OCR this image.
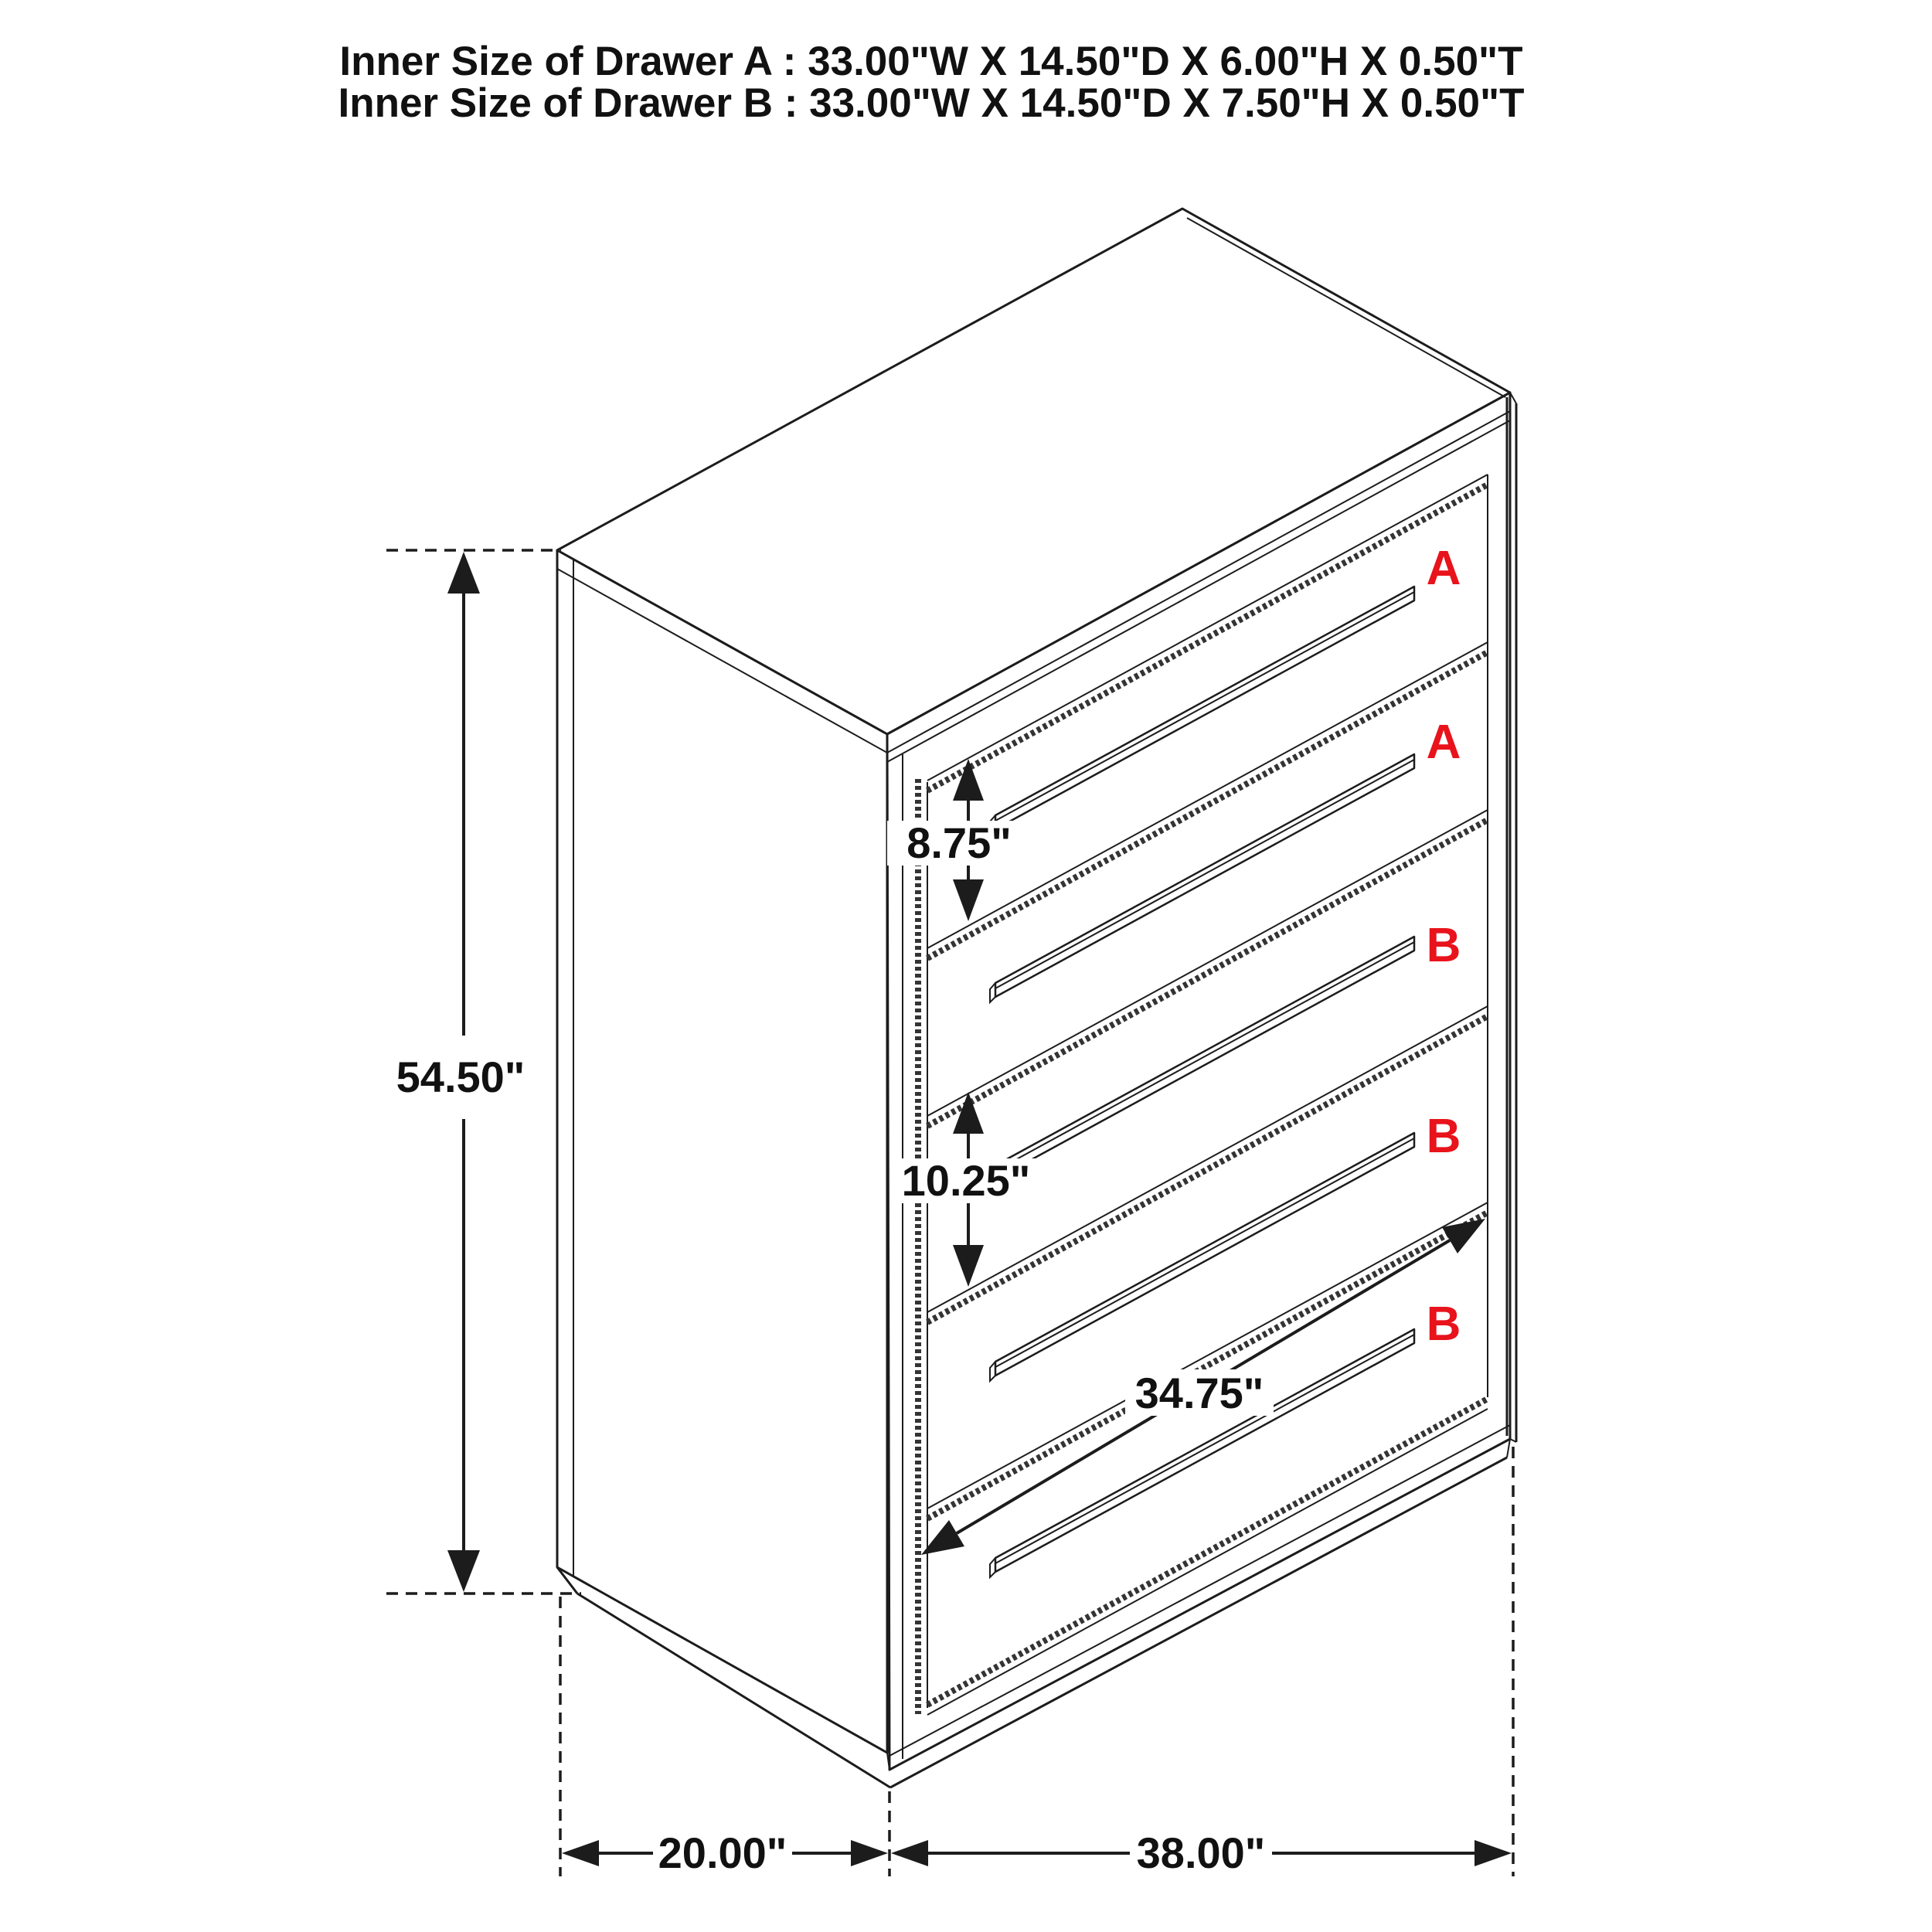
Inner Size of Drawer A : 33.00"W X 14.50"D X 6.00"H X 0.50"T
Inner Size of Drawer B : 33.00"W X 14.50"D X 7.50"H X 0.50"T
A
A
B
B
B
54.50"
8.75"
10.25"
34.75"
20.00"	38.00"
